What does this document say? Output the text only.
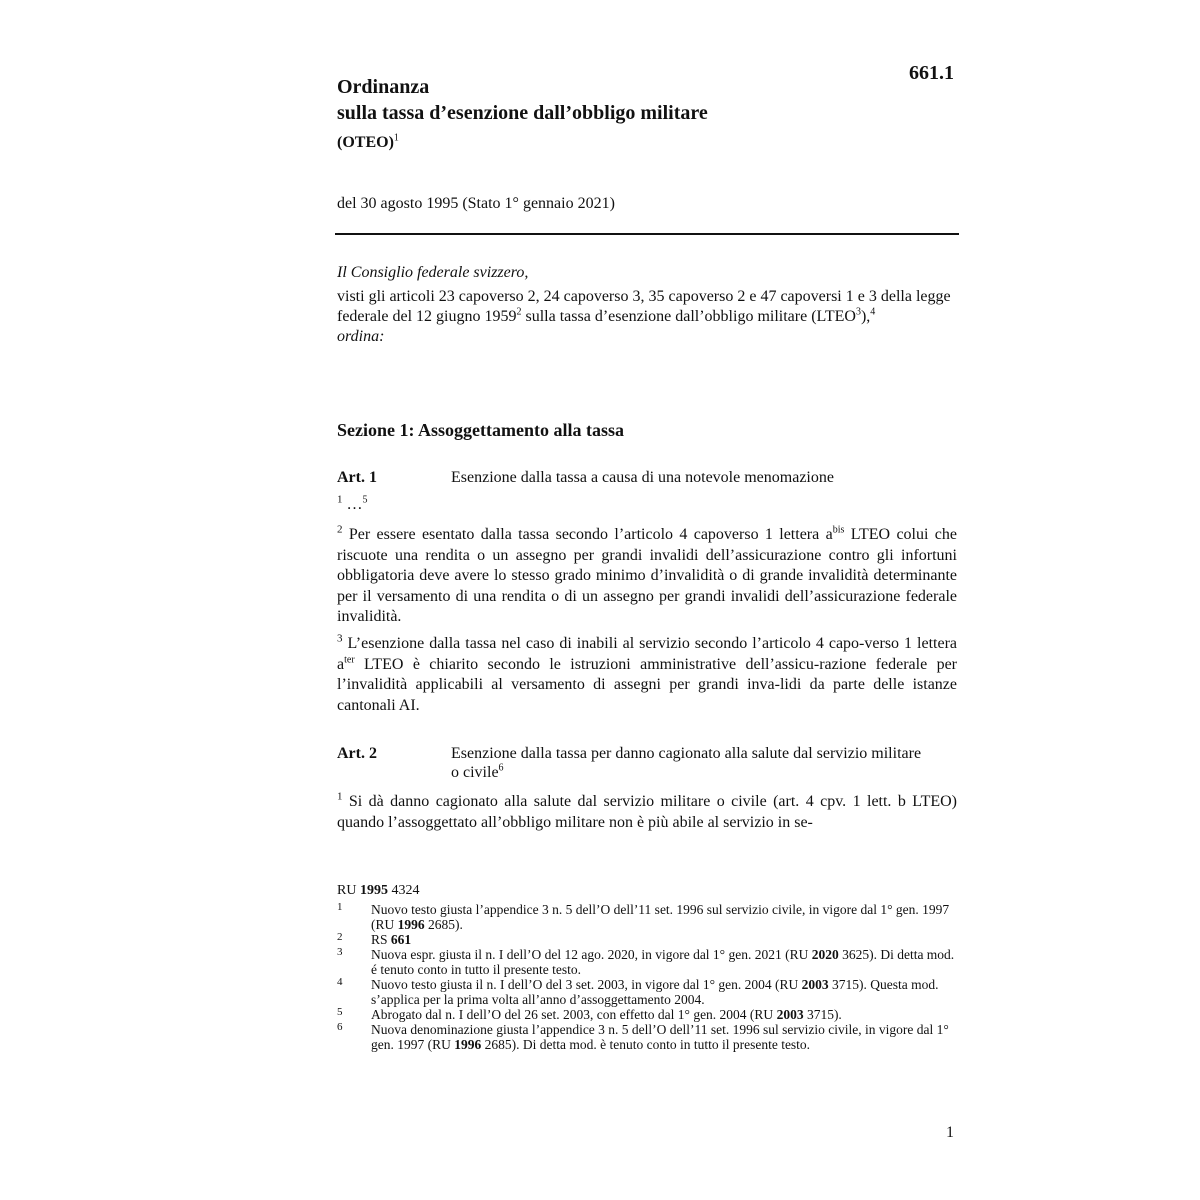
661.1
Ordinanza
sulla tassa d’esenzione dall’obbligo militare
(OTEO)$^1$
del 30 agosto 1995 (Stato 1° gennaio 2021)
Il Consiglio federale svizzero,
visti gli articoli 23 capoverso 2, 24 capoverso 3, 35 capoverso 2 e 47 capoversi 1 e 3 della legge federale del 12 giugno 1959$^2$ sulla tassa d’esenzione dall’obbligo militare (LTEO$^3$),$^4$
ordina:
Sezione 1: Assoggettamento alla tassa
Art. 1	Esenzione dalla tassa a causa di una notevole menomazione
$^1$ …$^5$
$^2$ Per essere esentato dalla tassa secondo l’articolo 4 capoverso 1 lettera $a^{bis}$ LTEO colui che riscuote una rendita o un assegno per grandi invalidi dell’assicurazione contro gli infortuni obbligatoria deve avere lo stesso grado minimo d’invalidità o di grande invalidità determinante per il versamento di una rendita o di un assegno per grandi invalidi dell’assicurazione federale invalidità.
$^3$ L’esenzione dalla tassa nel caso di inabili al servizio secondo l’articolo 4 capo-verso 1 lettera $a^{ter}$ LTEO è chiarito secondo le istruzioni amministrative dell’assicu-razione federale per l’invalidità applicabili al versamento di assegni per grandi inva-lidi da parte delle istanze cantonali AI.
Art. 2	Esenzione dalla tassa per danno cagionato alla salute dal servizio militare o civile$^6$
$^1$ Si dà danno cagionato alla salute dal servizio militare o civile (art. 4 cpv. 1 lett. b LTEO) quando l’assoggettato all’obbligo militare non è più abile al servizio in se-
RU 1995 4324
1 Nuovo testo giusta l’appendice 3 n. 5 dell’O dell’11 set. 1996 sul servizio civile, in vigore dal 1° gen. 1997 (RU 1996 2685).
2 RS 661
3 Nuova espr. giusta il n. I dell’O del 12 ago. 2020, in vigore dal 1° gen. 2021 (RU 2020 3625). Di detta mod. é tenuto conto in tutto il presente testo.
4 Nuovo testo giusta il n. I dell’O del 3 set. 2003, in vigore dal 1° gen. 2004 (RU 2003 3715). Questa mod. s’applica per la prima volta all’anno d’assoggettamento 2004.
5 Abrogato dal n. I dell’O del 26 set. 2003, con effetto dal 1° gen. 2004 (RU 2003 3715).
6 Nuova denominazione giusta l’appendice 3 n. 5 dell’O dell’11 set. 1996 sul servizio civile, in vigore dal 1° gen. 1997 (RU 1996 2685). Di detta mod. è tenuto conto in tutto il presente testo.
1
